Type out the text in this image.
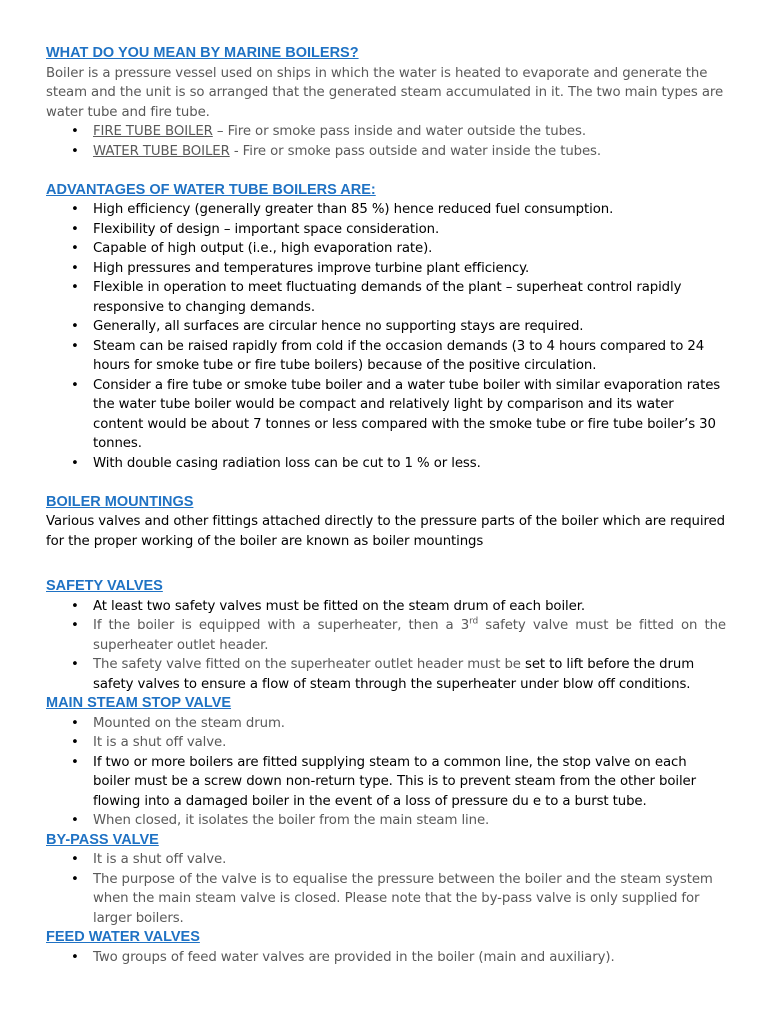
WHAT DO YOU MEAN BY MARINE BOILERS?

Boiler is a pressure vessel used on ships in which the water is heated to evaporate and generate the steam and the unit is so arranged that the generated steam accumulated in it. The two main types are water tube and fire tube.

• FIRE TUBE BOILER – Fire or smoke pass inside and water outside the tubes.
• WATER TUBE BOILER - Fire or smoke pass outside and water inside the tubes.
ADVANTAGES OF WATER TUBE BOILERS ARE:
• High efficiency (generally greater than 85 %) hence reduced fuel consumption.
• Flexibility of design – important space consideration.
• Capable of high output (i.e., high evaporation rate).
• High pressures and temperatures improve turbine plant efficiency.
• Flexible in operation to meet fluctuating demands of the plant – superheat control rapidly responsive to changing demands.
• Generally, all surfaces are circular hence no supporting stays are required.
• Steam can be raised rapidly from cold if the occasion demands (3 to 4 hours compared to 24 hours for smoke tube or fire tube boilers) because of the positive circulation.
• Consider a fire tube or smoke tube boiler and a water tube boiler with similar evaporation rates the water tube boiler would be compact and relatively light by comparison and its water content would be about 7 tonnes or less compared with the smoke tube or fire tube boiler’s 30 tonnes.
• With double casing radiation loss can be cut to 1 % or less.
BOILER MOUNTINGS

Various valves and other fittings attached directly to the pressure parts of the boiler which are required for the proper working of the boiler are known as boiler mountings

SAFETY VALVES
• At least two safety valves must be fitted on the steam drum of each boiler.
• If the boiler is equipped with a superheater, then a 3rd safety valve must be fitted on the superheater outlet header.
• The safety valve fitted on the superheater outlet header must be set to lift before the drum safety valves to ensure a flow of steam through the superheater under blow off conditions.
MAIN STEAM STOP VALVE
• Mounted on the steam drum.
• It is a shut off valve.
• If two or more boilers are fitted supplying steam to a common line, the stop valve on each boiler must be a screw down non-return type. This is to prevent steam from the other boiler flowing into a damaged boiler in the event of a loss of pressure du e to a burst tube.
• When closed, it isolates the boiler from the main steam line.
BY-PASS VALVE
• It is a shut off valve.
• The purpose of the valve is to equalise the pressure between the boiler and the steam system when the main steam valve is closed. Please note that the by-pass valve is only supplied for larger boilers.
FEED WATER VALVES
• Two groups of feed water valves are provided in the boiler (main and auxiliary).
